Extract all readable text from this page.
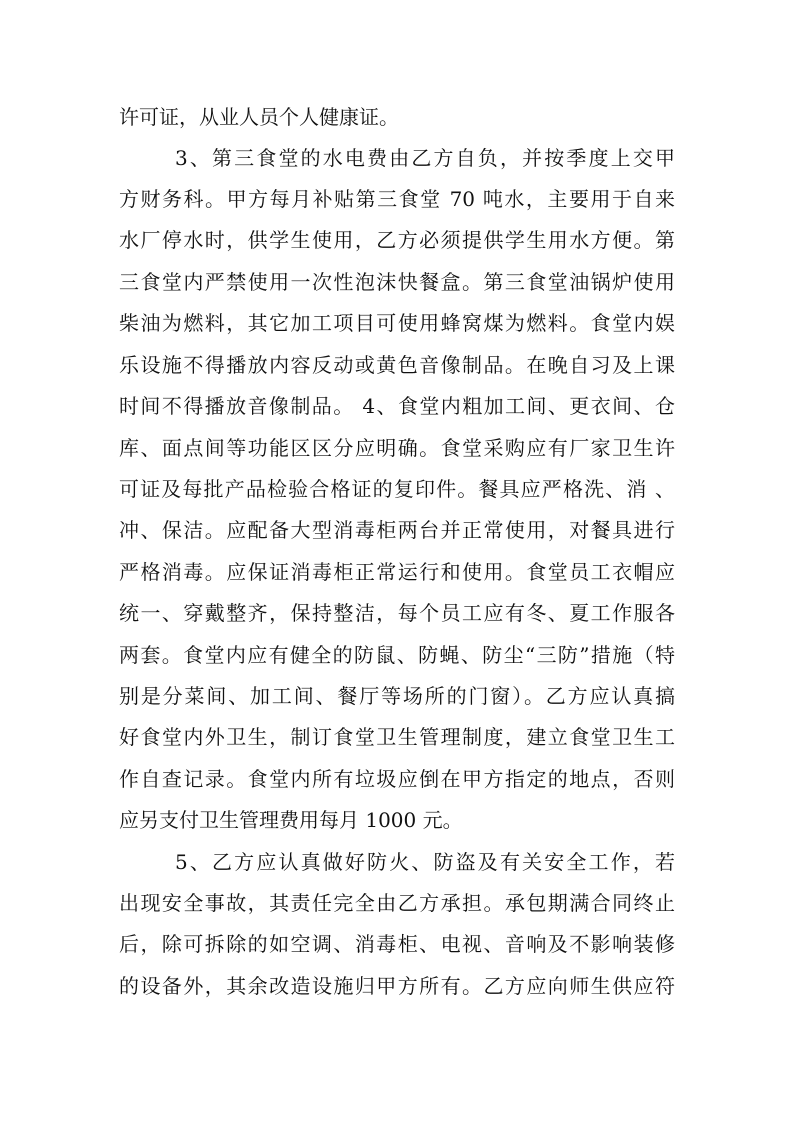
许可证，从业人员个人健康证。
3、第三食堂的水电费由乙方自负，并按季度上交甲
方财务科。甲方每月补贴第三食堂 70 吨水，主要用于自来
水厂停水时，供学生使用，乙方必须提供学生用水方便。第
三食堂内严禁使用一次性泡沫快餐盒。第三食堂油锅炉使用
柴油为燃料，其它加工项目可使用蜂窝煤为燃料。食堂内娱
乐设施不得播放内容反动或黄色音像制品。在晚自习及上课
时间不得播放音像制品。 4、食堂内粗加工间、更衣间、仓
库、面点间等功能区区分应明确。食堂采购应有厂家卫生许
可证及每批产品检验合格证的复印件。餐具应严格洗、消 、
冲、保洁。应配备大型消毒柜两台并正常使用，对餐具进行
严格消毒。应保证消毒柜正常运行和使用。食堂员工衣帽应
统一、穿戴整齐，保持整洁，每个员工应有冬、夏工作服各
两套。食堂内应有健全的防鼠、防蝇、防尘“三防”措施（特
别是分菜间、加工间、餐厅等场所的门窗）。乙方应认真搞
好食堂内外卫生，制订食堂卫生管理制度，建立食堂卫生工
作自查记录。食堂内所有垃圾应倒在甲方指定的地点，否则
应另支付卫生管理费用每月 1000 元。
5、乙方应认真做好防火、防盗及有关安全工作，若
出现安全事故，其责任完全由乙方承担。承包期满合同终止
后，除可拆除的如空调、消毒柜、电视、音响及不影响装修
的设备外，其余改造设施归甲方所有。乙方应向师生供应符
